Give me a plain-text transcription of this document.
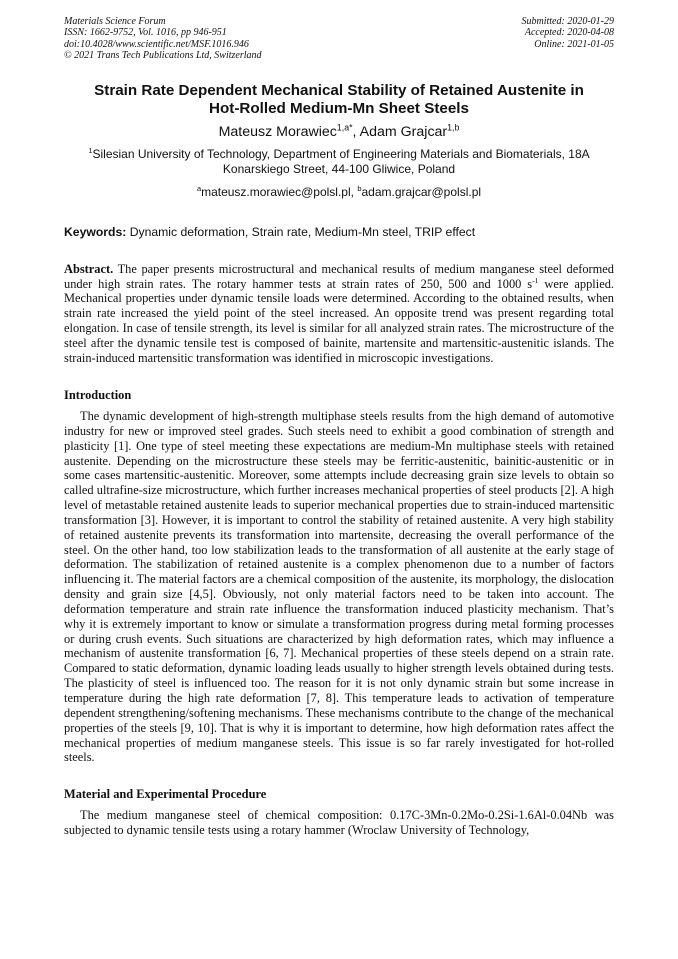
Materials Science Forum
ISSN: 1662-9752, Vol. 1016, pp 946-951
doi:10.4028/www.scientific.net/MSF.1016.946
© 2021 Trans Tech Publications Ltd, Switzerland
Submitted: 2020-01-29
Accepted: 2020-04-08
Online: 2021-01-05
Strain Rate Dependent Mechanical Stability of Retained Austenite in
Hot-Rolled Medium-Mn Sheet Steels
Mateusz Morawiec$^{1,a*}$, Adam Grajcar$^{1,b}$
$^1$Silesian University of Technology, Department of Engineering Materials and Biomaterials, 18A Konarskiego Street, 44-100 Gliwice, Poland
$^a$mateusz.morawiec@polsl.pl, $^b$adam.grajcar@polsl.pl
Keywords: Dynamic deformation, Strain rate, Medium-Mn steel, TRIP effect
Abstract. The paper presents microstructural and mechanical results of medium manganese steel deformed under high strain rates. The rotary hammer tests at strain rates of 250, 500 and 1000 $s^{-1}$ were applied. Mechanical properties under dynamic tensile loads were determined. According to the obtained results, when strain rate increased the yield point of the steel increased. An opposite trend was present regarding total elongation. In case of tensile strength, its level is similar for all analyzed strain rates. The microstructure of the steel after the dynamic tensile test is composed of bainite, martensite and martensitic-austenitic islands. The strain-induced martensitic transformation was identified in microscopic investigations.
Introduction
The dynamic development of high-strength multiphase steels results from the high demand of automotive industry for new or improved steel grades. Such steels need to exhibit a good combination of strength and plasticity [1]. One type of steel meeting these expectations are medium-Mn multiphase steels with retained austenite. Depending on the microstructure these steels may be ferritic-austenitic, bainitic-austenitic or in some cases martensitic-austenitic. Moreover, some attempts include decreasing grain size levels to obtain so called ultrafine-size microstructure, which further increases mechanical properties of steel products [2]. A high level of metastable retained austenite leads to superior mechanical properties due to strain-induced martensitic transformation [3]. However, it is important to control the stability of retained austenite. A very high stability of retained austenite prevents its transformation into martensite, decreasing the overall performance of the steel. On the other hand, too low stabilization leads to the transformation of all austenite at the early stage of deformation. The stabilization of retained austenite is a complex phenomenon due to a number of factors influencing it. The material factors are a chemical composition of the austenite, its morphology, the dislocation density and grain size [4,5]. Obviously, not only material factors need to be taken into account. The deformation temperature and strain rate influence the transformation induced plasticity mechanism. That’s why it is extremely important to know or simulate a transformation progress during metal forming processes or during crush events. Such situations are characterized by high deformation rates, which may influence a mechanism of austenite transformation [6, 7]. Mechanical properties of these steels depend on a strain rate. Compared to static deformation, dynamic loading leads usually to higher strength levels obtained during tests. The plasticity of steel is influenced too. The reason for it is not only dynamic strain but some increase in temperature during the high rate deformation [7, 8]. This temperature leads to activation of temperature dependent strengthening/softening mechanisms. These mechanisms contribute to the change of the mechanical properties of the steels [9, 10]. That is why it is important to determine, how high deformation rates affect the mechanical properties of medium manganese steels. This issue is so far rarely investigated for hot-rolled steels.
Material and Experimental Procedure
The medium manganese steel of chemical composition: 0.17C-3Mn-0.2Mo-0.2Si-1.6Al-0.04Nb was subjected to dynamic tensile tests using a rotary hammer (Wroclaw University of Technology,
